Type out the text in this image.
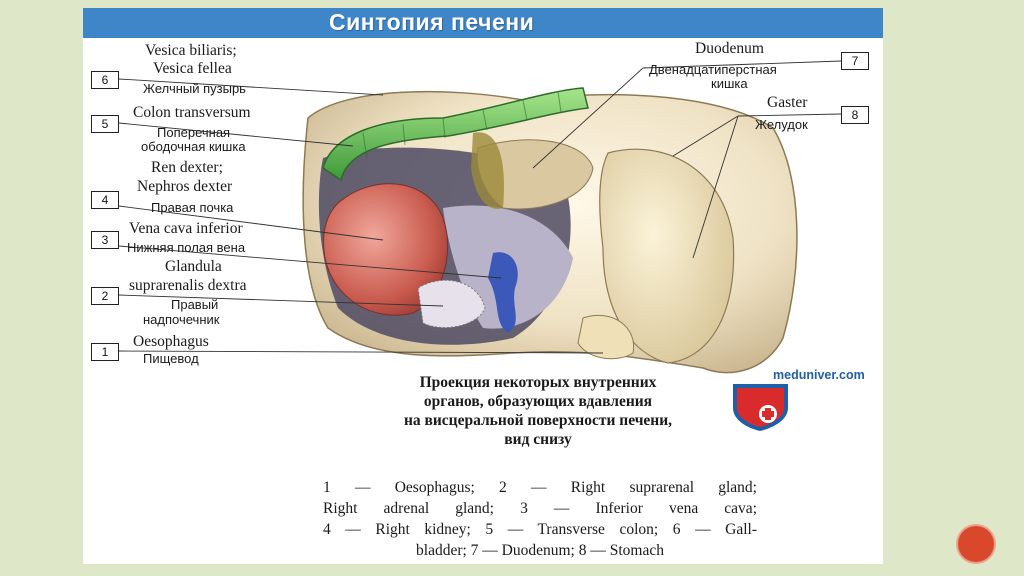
Синтопия печени
Vesica biliaris;
Vesica fellea
6
Желчный пузырь
Colon transversum
5
Поперечная
ободочная кишка
Ren dexter;
Nephros dexter
4	Правая почка
Vena cava inferior
3	Нижняя полая вена
Glandula
suprarenalis dextra
2
Правый
надпочечник
Oesophagus
1	Пищевод
Duodenum
7
Двенадцатиперстная
кишка
Gaster
8
Желудок
meduniver.com
Проекция некоторых внутренних
органов, образующих вдавления
на висцеральной поверхности печени,
вид снизу
1 — Oesophagus; 2 — Right suprarenal gland;
Right adrenal gland; 3 — Inferior vena cava;
4 — Right kidney; 5 — Transverse colon; 6 — Gall-
bladder; 7 — Duodenum; 8 — Stomach
